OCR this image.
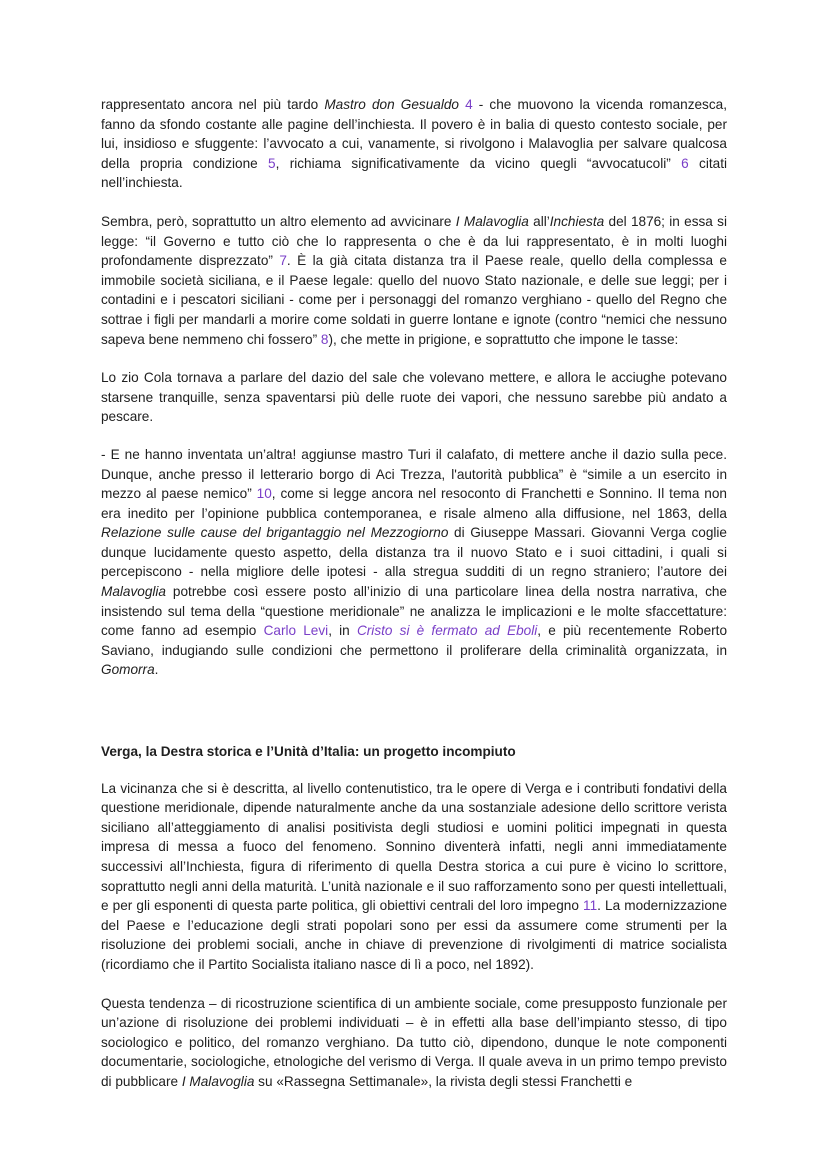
rappresentato ancora nel più tardo Mastro don Gesualdo 4 - che muovono la vicenda romanzesca, fanno da sfondo costante alle pagine dell’inchiesta. Il povero è in balia di questo contesto sociale, per lui, insidioso e sfuggente: l’avvocato a cui, vanamente, si rivolgono i Malavoglia per salvare qualcosa della propria condizione 5, richiama significativamente da vicino quegli “avvocatucoli” 6 citati nell’inchiesta.

Sembra, però, soprattutto un altro elemento ad avvicinare I Malavoglia all’Inchiesta del 1876; in essa si legge: “il Governo e tutto ciò che lo rappresenta o che è da lui rappresentato, è in molti luoghi profondamente disprezzato” 7. È la già citata distanza tra il Paese reale, quello della complessa e immobile società siciliana, e il Paese legale: quello del nuovo Stato nazionale, e delle sue leggi; per i contadini e i pescatori siciliani - come per i personaggi del romanzo verghiano - quello del Regno che sottrae i figli per mandarli a morire come soldati in guerre lontane e ignote (contro “nemici che nessuno sapeva bene nemmeno chi fossero” 8), che mette in prigione, e soprattutto che impone le tasse:

Lo zio Cola tornava a parlare del dazio del sale che volevano mettere, e allora le acciughe potevano starsene tranquille, senza spaventarsi più delle ruote dei vapori, che nessuno sarebbe più andato a pescare.

- E ne hanno inventata un’altra! aggiunse mastro Turi il calafato, di mettere anche il dazio sulla pece. Dunque, anche presso il letterario borgo di Aci Trezza, l'autorità pubblica” è “simile a un esercito in mezzo al paese nemico” 10, come si legge ancora nel resoconto di Franchetti e Sonnino. Il tema non era inedito per l’opinione pubblica contemporanea, e risale almeno alla diffusione, nel 1863, della Relazione sulle cause del brigantaggio nel Mezzogiorno di Giuseppe Massari. Giovanni Verga coglie dunque lucidamente questo aspetto, della distanza tra il nuovo Stato e i suoi cittadini, i quali si percepiscono - nella migliore delle ipotesi - alla stregua sudditi di un regno straniero; l’autore dei Malavoglia potrebbe così essere posto all’inizio di una particolare linea della nostra narrativa, che insistendo sul tema della “questione meridionale” ne analizza le implicazioni e le molte sfaccettature: come fanno ad esempio Carlo Levi, in Cristo si è fermato ad Eboli, e più recentemente Roberto Saviano, indugiando sulle condizioni che permettono il proliferare della criminalità organizzata, in Gomorra.

Verga, la Destra storica e l’Unità d’Italia: un progetto incompiuto

La vicinanza che si è descritta, al livello contenutistico, tra le opere di Verga e i contributi fondativi della questione meridionale, dipende naturalmente anche da una sostanziale adesione dello scrittore verista siciliano all’atteggiamento di analisi positivista degli studiosi e uomini politici impegnati in questa impresa di messa a fuoco del fenomeno. Sonnino diventerà infatti, negli anni immediatamente successivi all’Inchiesta, figura di riferimento di quella Destra storica a cui pure è vicino lo scrittore, soprattutto negli anni della maturità. L’unità nazionale e il suo rafforzamento sono per questi intellettuali, e per gli esponenti di questa parte politica, gli obiettivi centrali del loro impegno 11. La modernizzazione del Paese e l’educazione degli strati popolari sono per essi da assumere come strumenti per la risoluzione dei problemi sociali, anche in chiave di prevenzione di rivolgimenti di matrice socialista (ricordiamo che il Partito Socialista italiano nasce di lì a poco, nel 1892).

Questa tendenza – di ricostruzione scientifica di un ambiente sociale, come presupposto funzionale per un’azione di risoluzione dei problemi individuati – è in effetti alla base dell’impianto stesso, di tipo sociologico e politico, del romanzo verghiano. Da tutto ciò, dipendono, dunque le note componenti documentarie, sociologiche, etnologiche del verismo di Verga. Il quale aveva in un primo tempo previsto di pubblicare I Malavoglia su «Rassegna Settimanale», la rivista degli stessi Franchetti e
